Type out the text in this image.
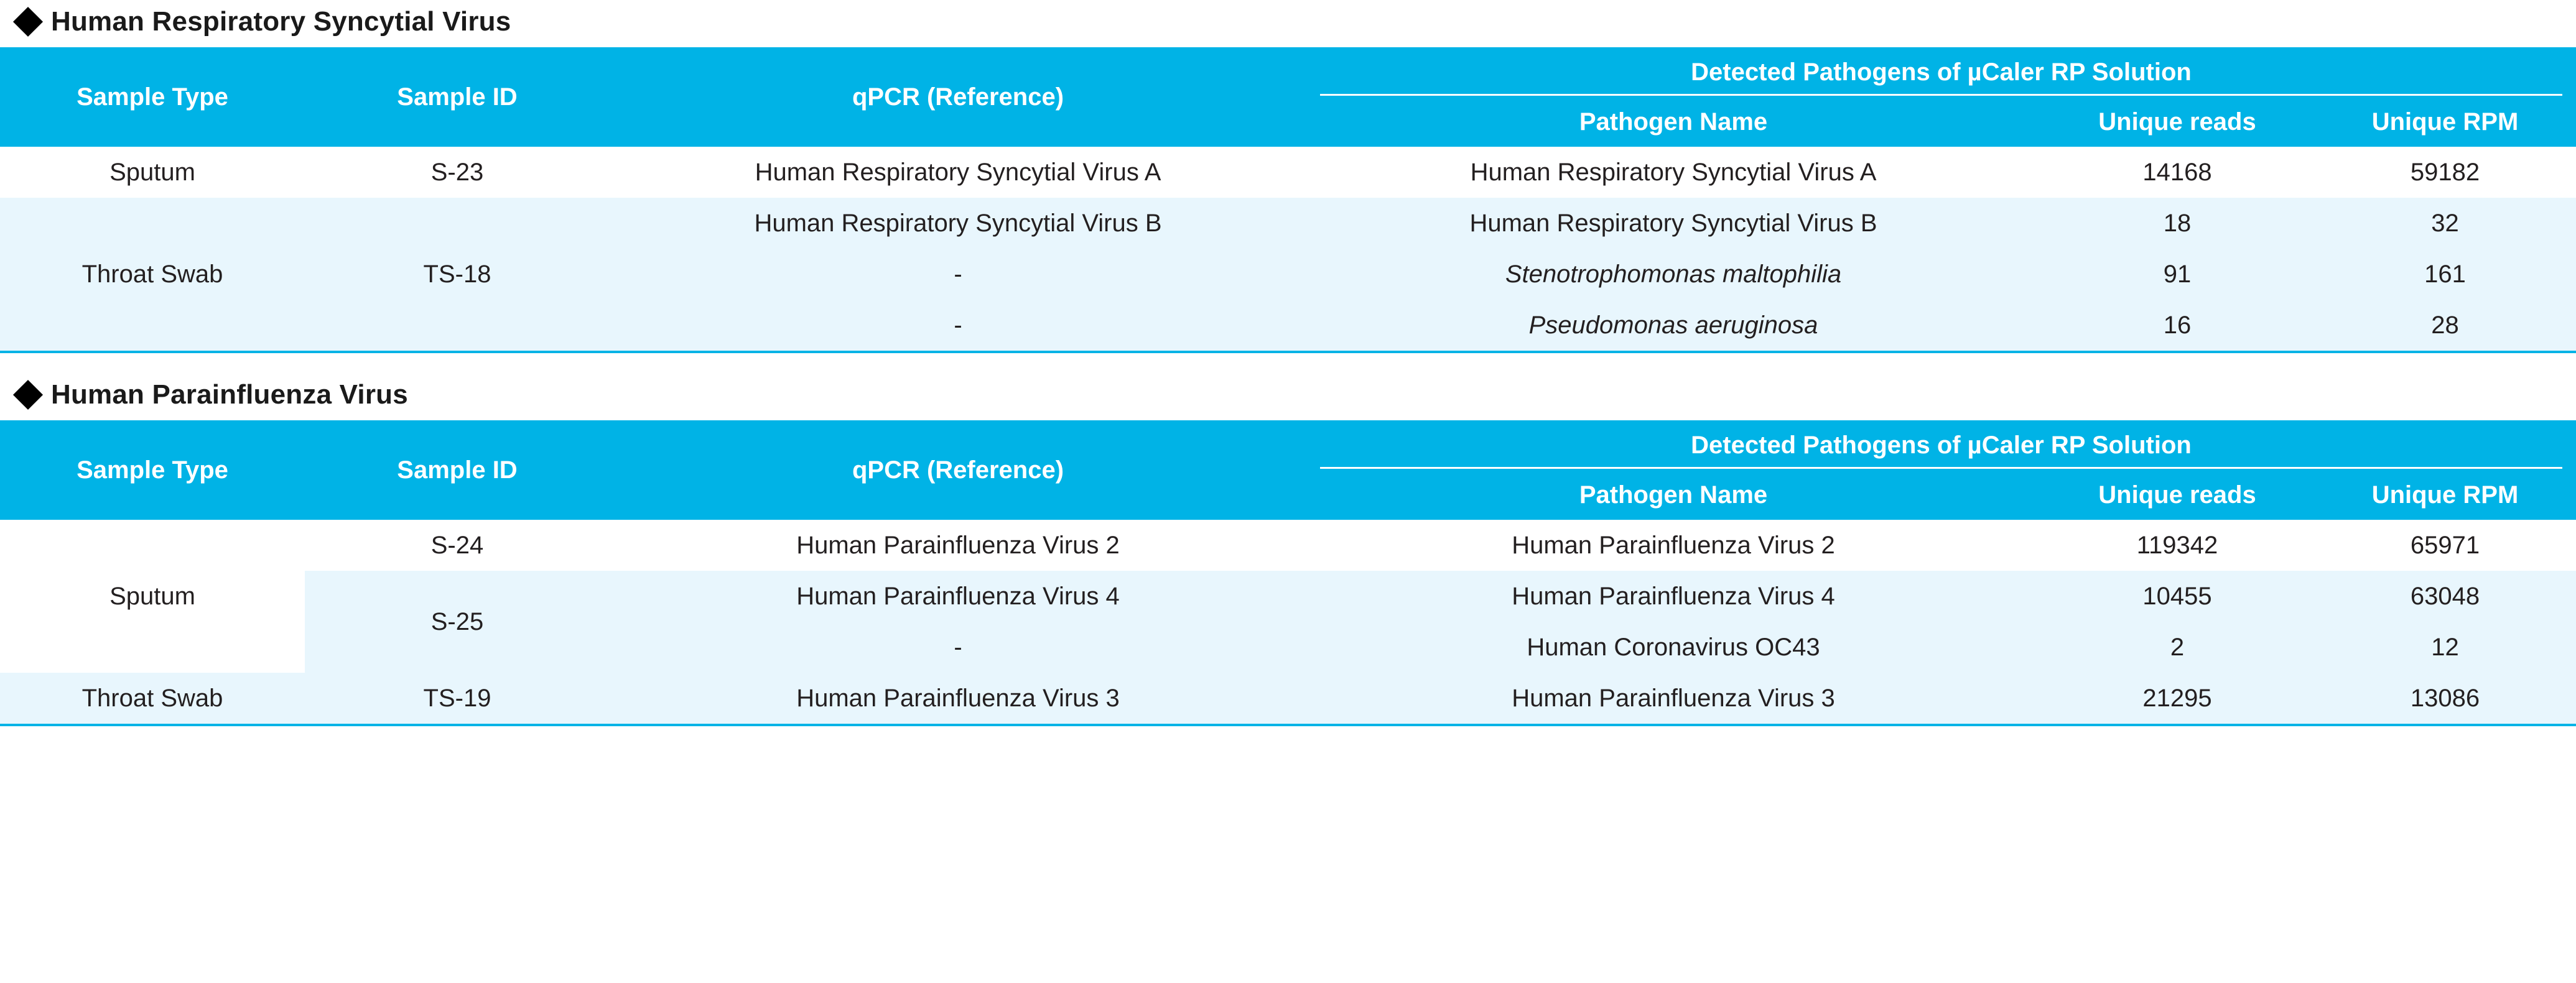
Human Respiratory Syncytial Virus
Sample Type	Sample ID	qPCR (Reference)	Detected Pathogens of µCaler RP Solution		

			Pathogen Name	Unique reads	Unique RPM
Sputum	S-23	Human Respiratory Syncytial Virus A	Human Respiratory Syncytial Virus A	14168	59182
Throat Swab	TS-18	Human Respiratory Syncytial Virus B	Human Respiratory Syncytial Virus B	18	32
		-	Stenotrophomonas maltophilia	91	161
		-	Pseudomonas aeruginosa	16	28
Human Parainfluenza Virus
Sample Type	Sample ID	qPCR (Reference)	Detected Pathogens of µCaler RP Solution		

			Pathogen Name	Unique reads	Unique RPM
Sputum	S-24	Human Parainfluenza Virus 2	Human Parainfluenza Virus 2	119342	65971
	S-25	Human Parainfluenza Virus 4	Human Parainfluenza Virus 4	10455	63048
		-	Human Coronavirus OC43	2	12
Throat Swab	TS-19	Human Parainfluenza Virus 3	Human Parainfluenza Virus 3	21295	13086
